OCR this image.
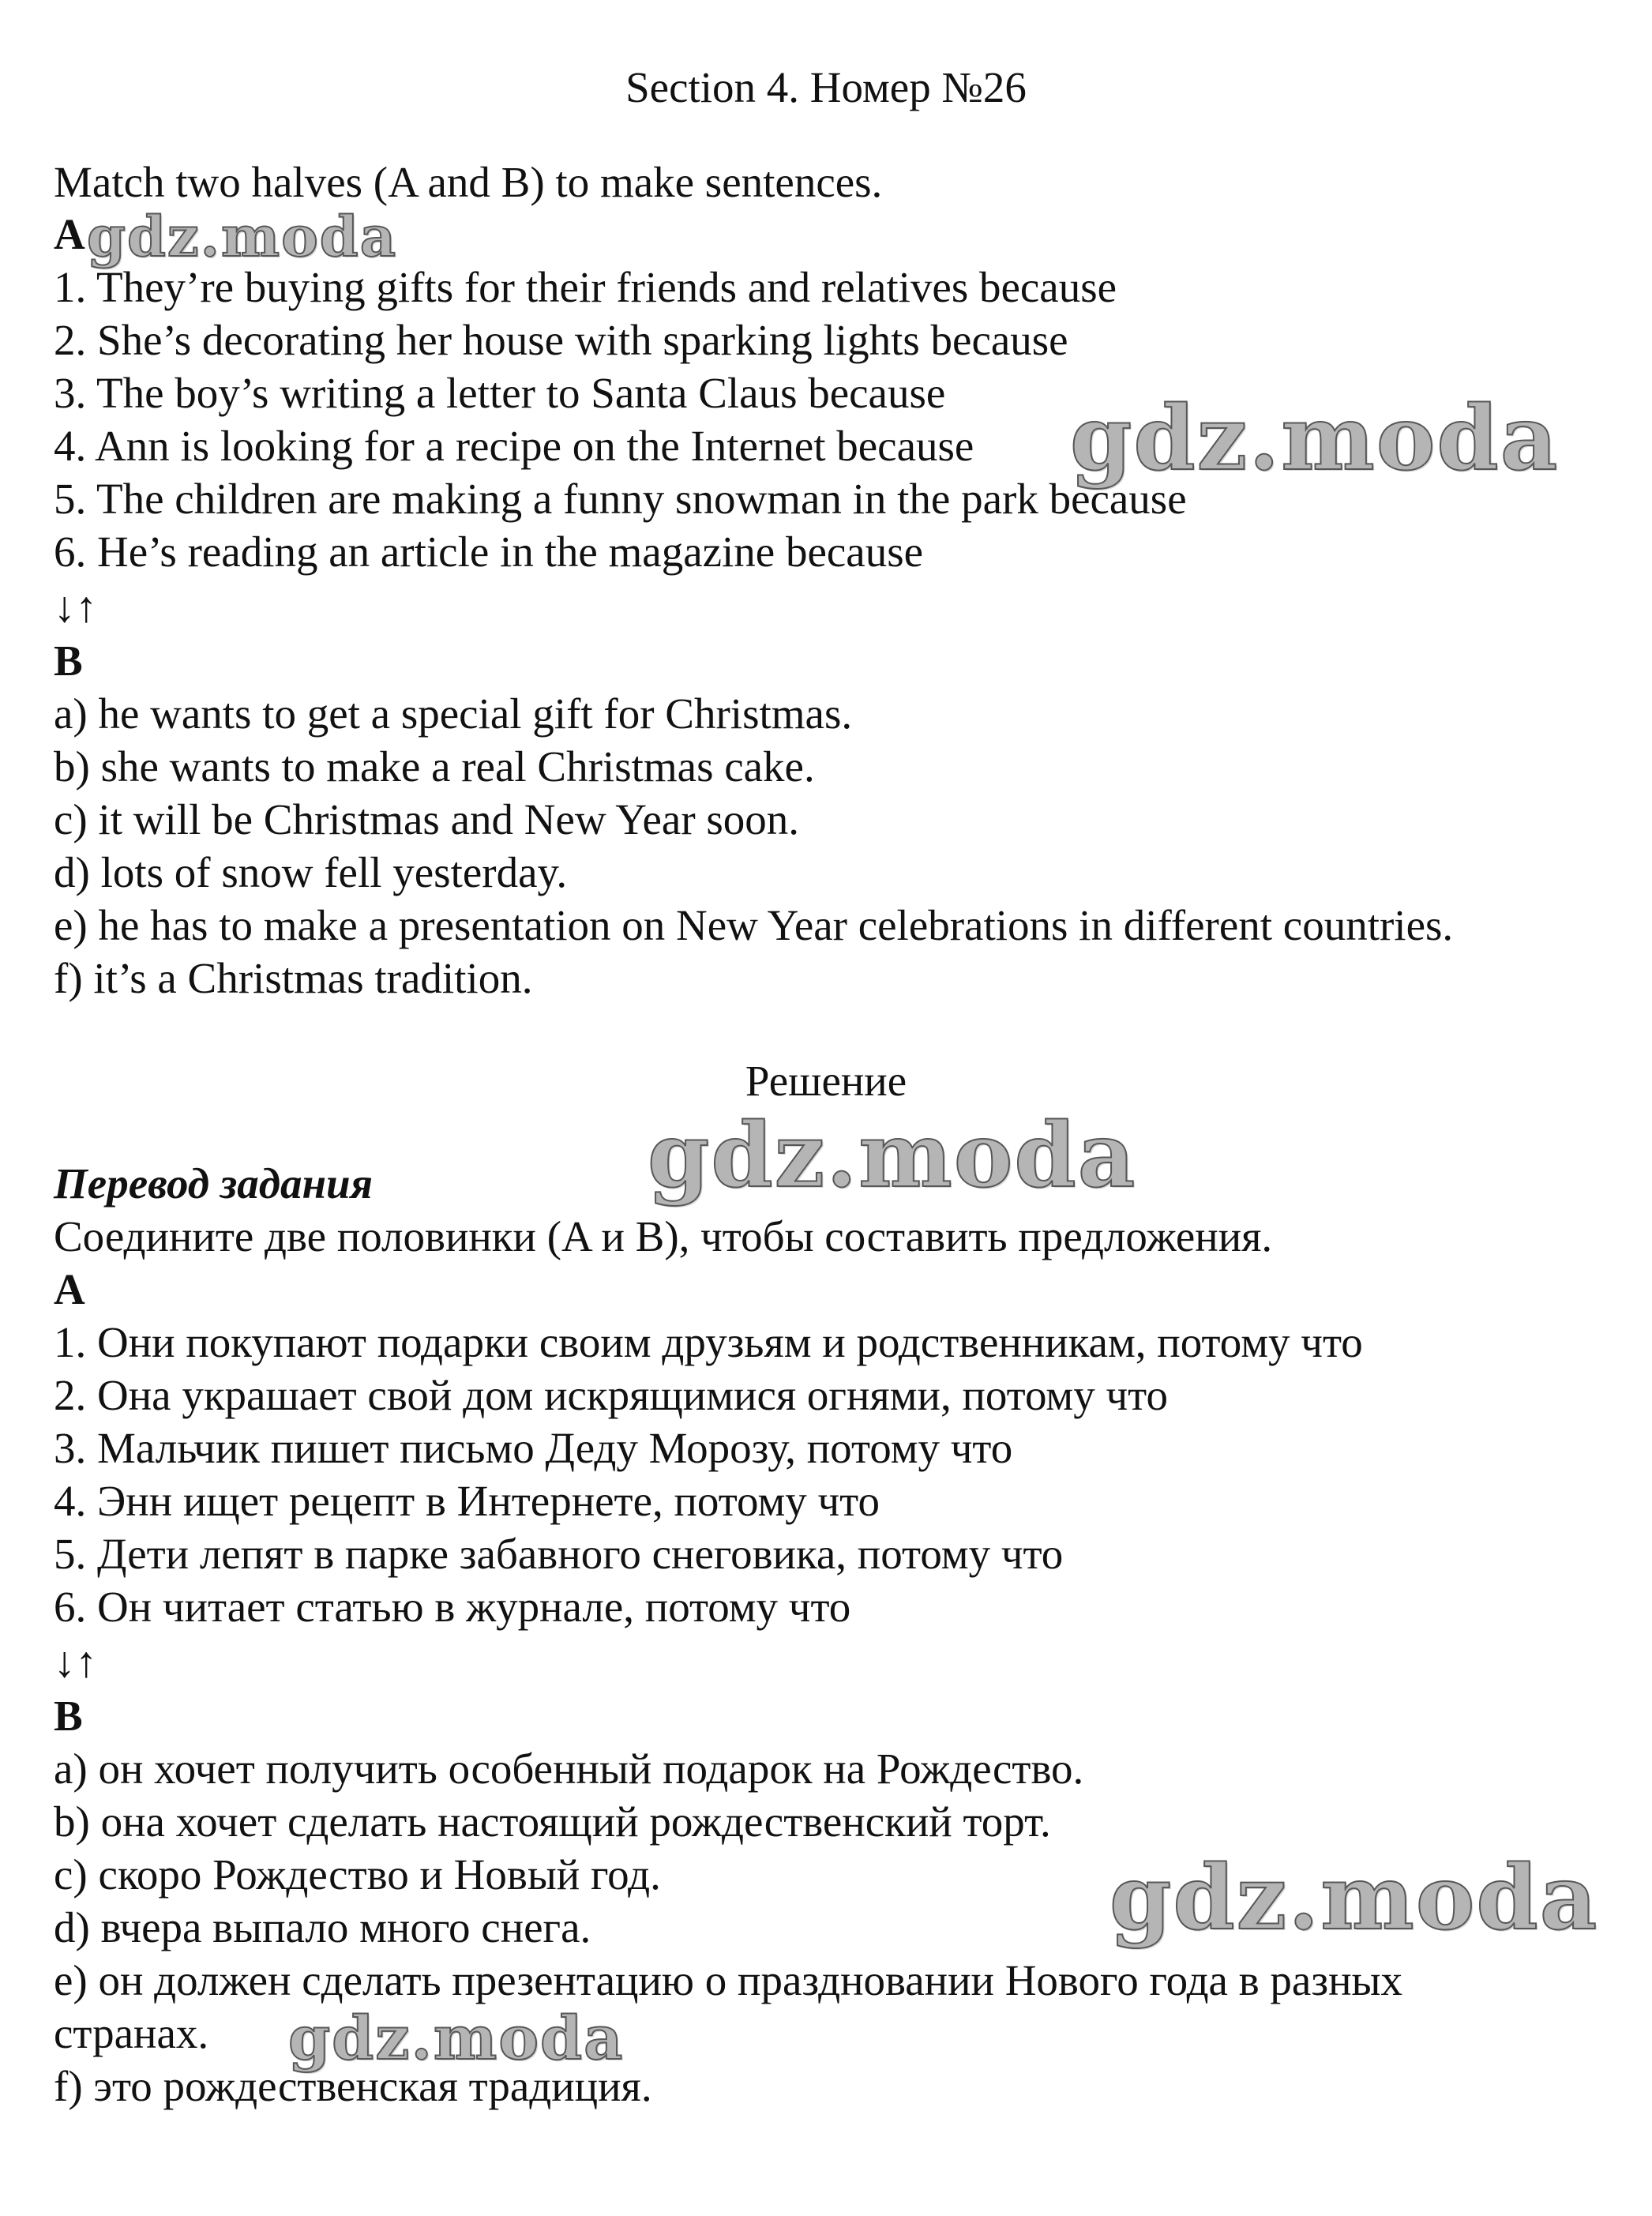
Section 4. Номер №26
Match two halves (A and B) to make sentences.
A
1. They’re buying gifts for their friends and relatives because
2. She’s decorating her house with sparking lights because
3. The boy’s writing a letter to Santa Claus because
4. Ann is looking for a recipe on the Internet because
5. The children are making a funny snowman in the park because
6. He’s reading an article in the magazine because
↓↑
B
a) he wants to get a special gift for Christmas.
b) she wants to make a real Christmas cake.
c) it will be Christmas and New Year soon.
d) lots of snow fell yesterday.
e) he has to make a presentation on New Year celebrations in different countries.
f) it’s a Christmas tradition.
Решение
Перевод задания
Соедините две половинки (A и B), чтобы составить предложения.
A
1. Они покупают подарки своим друзьям и родственникам, потому что
2. Она украшает свой дом искрящимися огнями, потому что
3. Мальчик пишет письмо Деду Морозу, потому что
4. Энн ищет рецепт в Интернете, потому что
5. Дети лепят в парке забавного снеговика, потому что
6. Он читает статью в журнале, потому что
↓↑
B
a) он хочет получить особенный подарок на Рождество.
b) она хочет сделать настоящий рождественский торт.
c) скоро Рождество и Новый год.
d) вчера выпало много снега.
e) он должен сделать презентацию о праздновании Нового года в разных
странах.
f) это рождественская традиция.
gdz.moda
gdz.moda
gdz.moda
gdz.moda
gdz.moda
